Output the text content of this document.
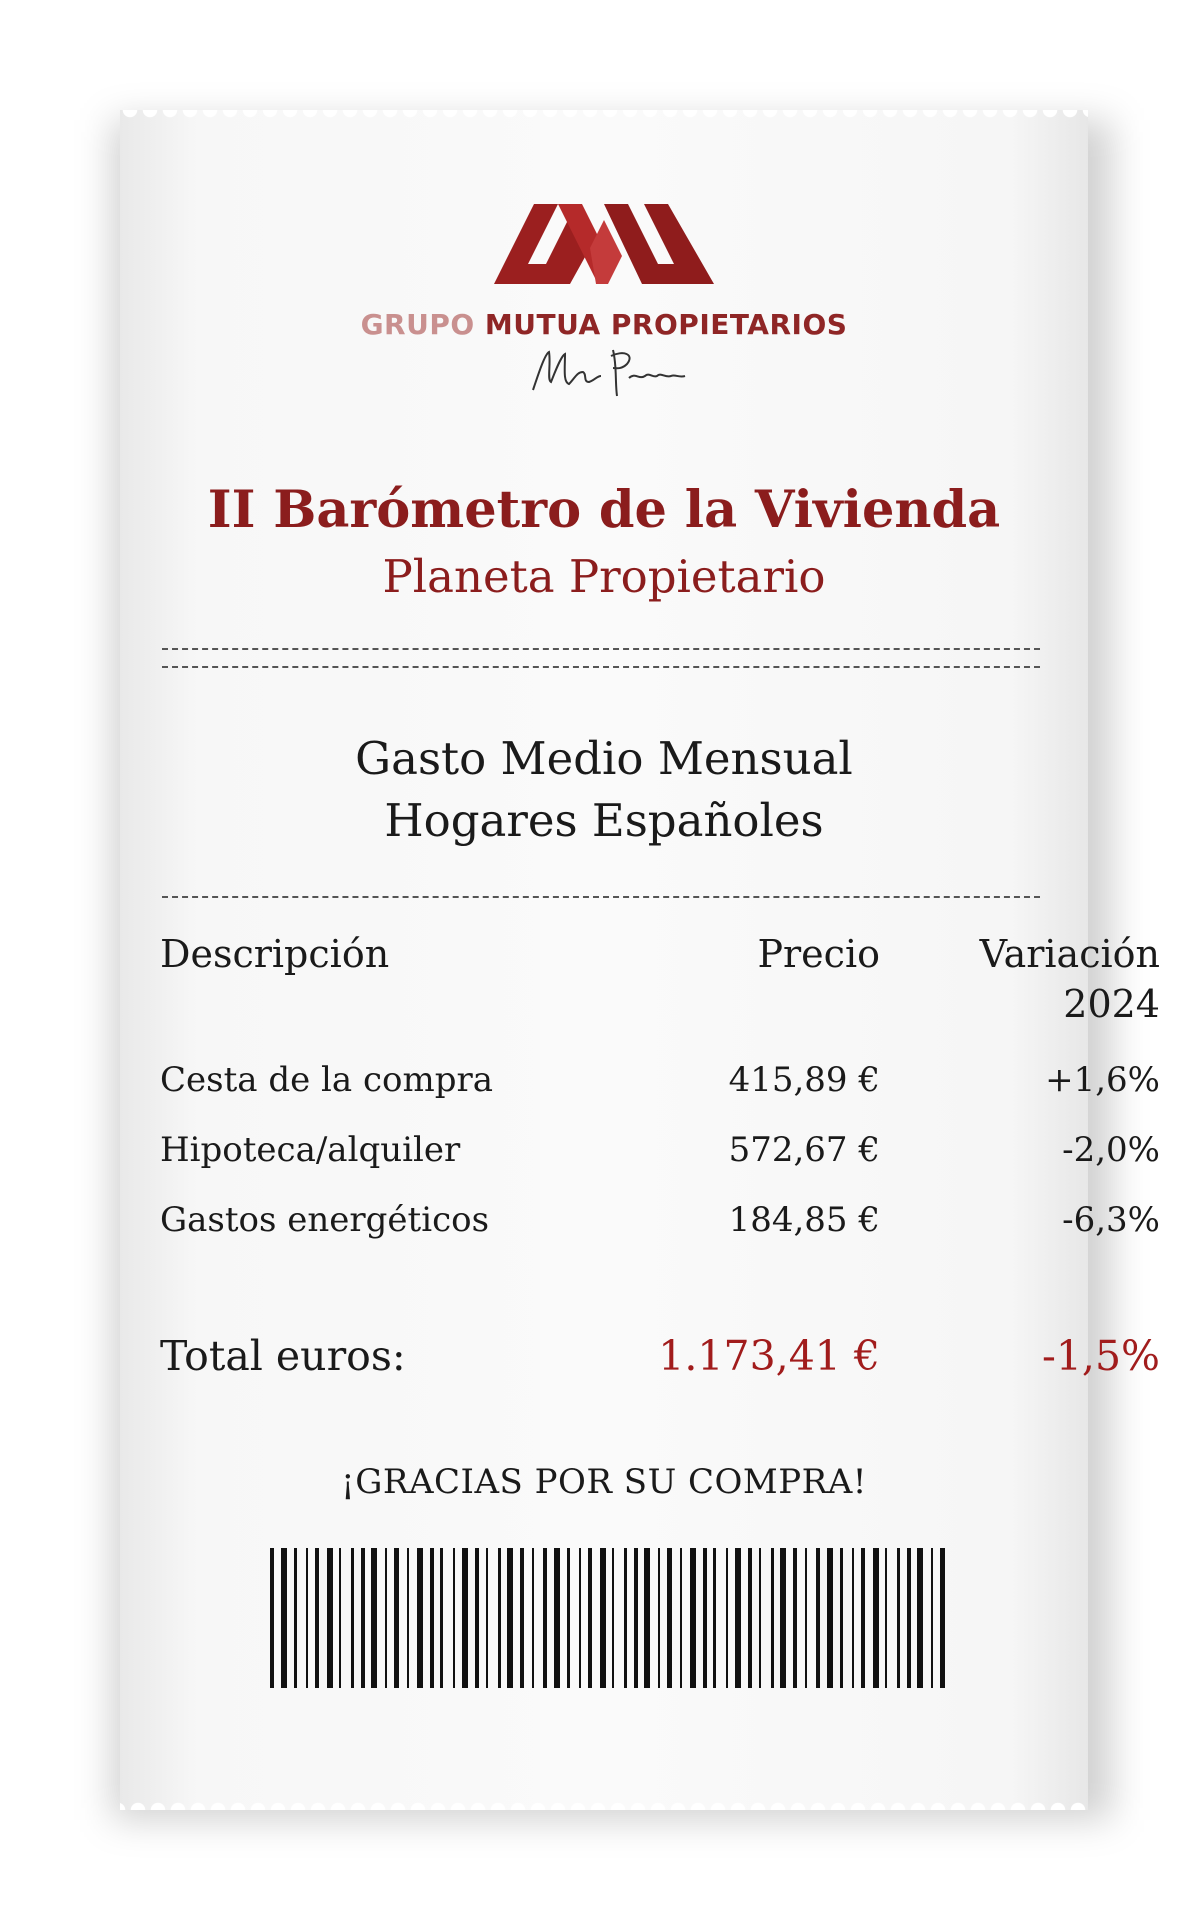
GRUPO MUTUA PROPIETARIOS
II Barómetro de la Vivienda
Planeta Propietario
Gasto Medio Mensual
Hogares Españoles
Descripción	Precio	Variación
2024
Cesta de la compra	415,89 €	+1,6%
Hipoteca/alquiler	572,67 €	-2,0%
Gastos energéticos	184,85 €	-6,3%
Total euros:	1.173,41 €	-1,5%
¡GRACIAS POR SU COMPRA!
